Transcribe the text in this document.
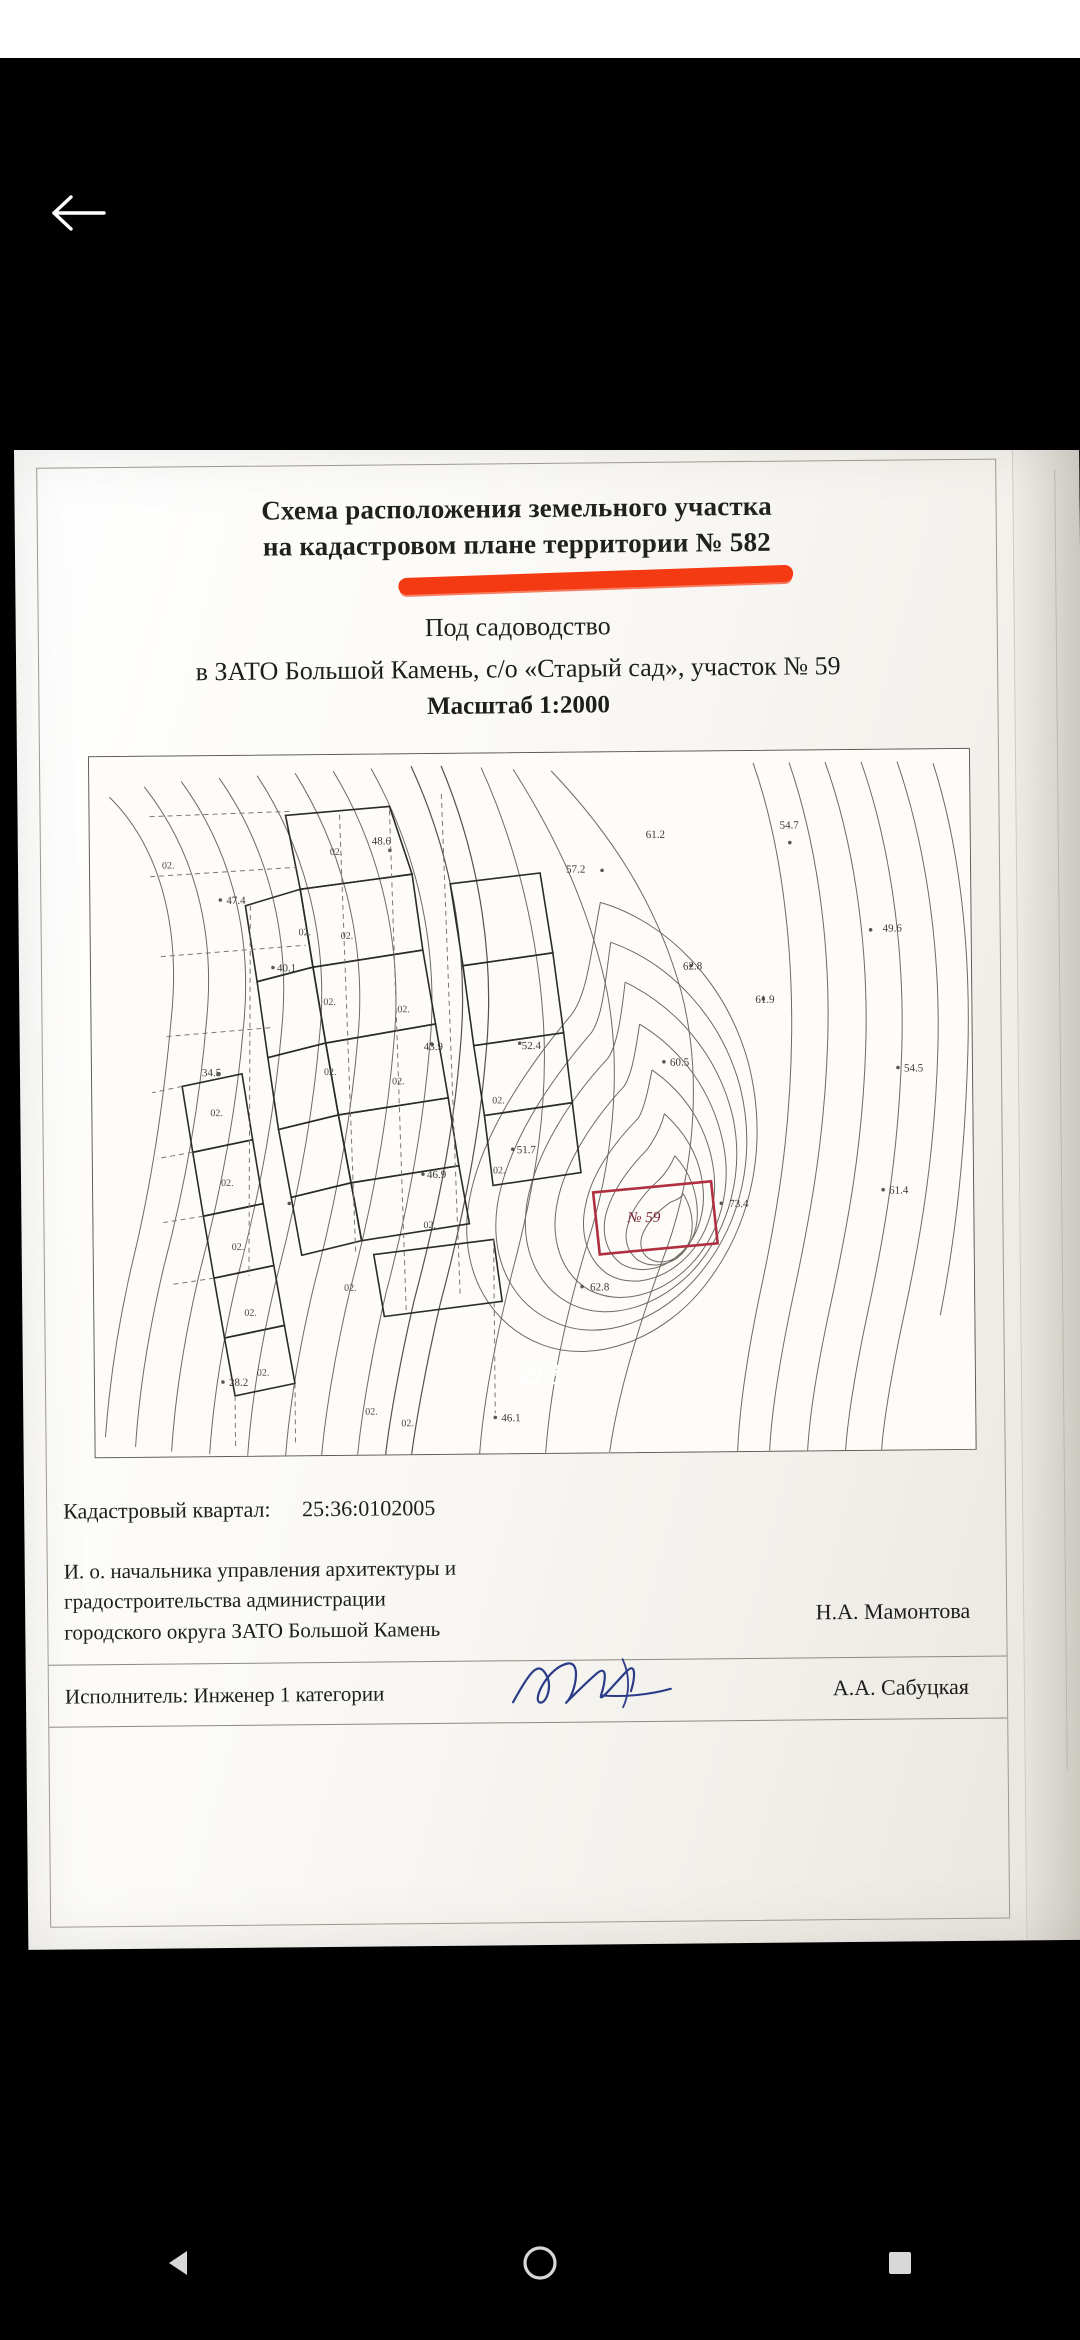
Схема расположения земельного участка
на кадастровом плане территории № 582
Под садоводство
в ЗАТО Большой Камень, с/о «Старый сад», участок № 59
Масштаб 1:2000
№ 59
47.4
48.6
57.2
61.2
54.7
49.6
62.8
61.9
40.1
43.9	52.4
60.5	54.5
34.5
51.7
46.9
73.4
61.4
62.8
28.2
46.1
02.
02.
02.	02.
02.
02.
02.
02.
02.
02.
02.
02.
02.
02.
02.
02.
02.
02.
02.
Кадастровый квартал: 25:36:0102005
И. о. начальника управления архитектуры и
градостроительства администрации
городского округа ЗАТО Большой Камень
Н.А. Мамонтова
Исполнитель: Инженер 1 категории	А.А. Сабуцкая
2/3
